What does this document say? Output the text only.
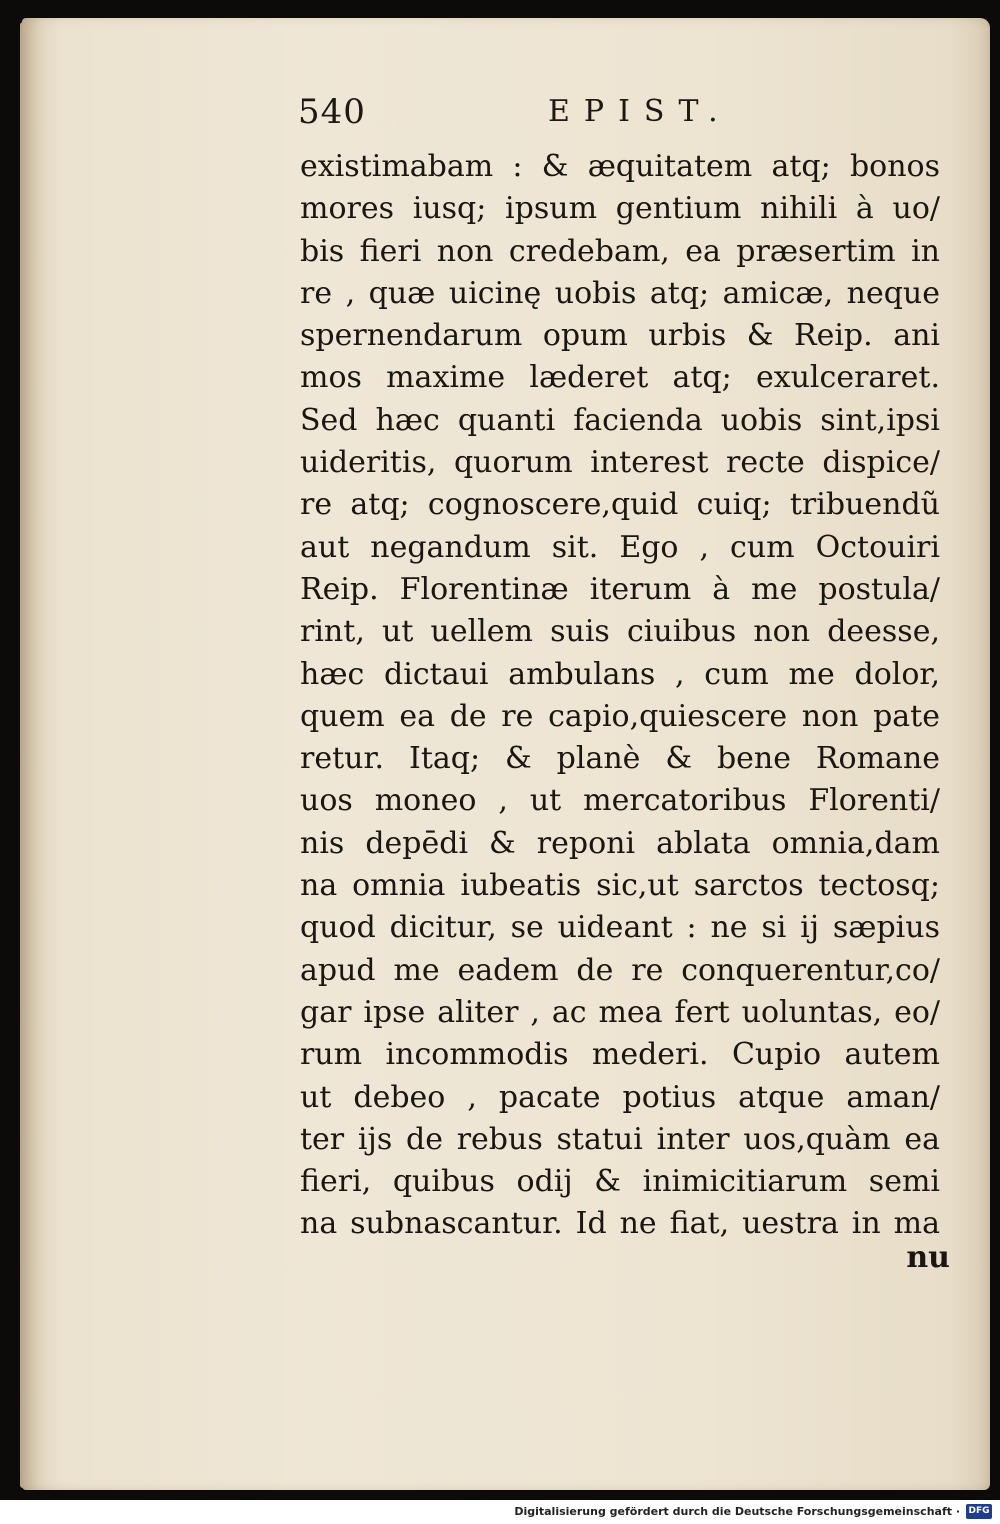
540	EPIST.
existimabam : & æquitatem atq; bonos
mores iusq; ipsum gentium nihili à uo/
bis fieri non credebam, ea præsertim in
re , quæ uicinę uobis atq; amicæ, neque
spernendarum opum urbis & Reip. ani
mos maxime læderet atq; exulceraret.
Sed hæc quanti facienda uobis sint,ipsi
uideritis, quorum interest recte dispice/
re atq; cognoscere,quid cuiq; tribuendũ
aut negandum sit. Ego , cum Octouiri
Reip. Florentinæ iterum à me postula/
rint, ut uellem suis ciuibus non deesse,
hæc dictaui ambulans , cum me dolor,
quem ea de re capio,quiescere non pate
retur. Itaq; & planè & bene Romane
uos moneo , ut mercatoribus Florenti/
nis depēdi & reponi ablata omnia,dam
na omnia iubeatis sic,ut sarctos tectosq;
quod dicitur, se uideant : ne si ij sæpius
apud me eadem de re conquerentur,co/
gar ipse aliter , ac mea fert uoluntas, eo/
rum incommodis mederi. Cupio autem
ut debeo , pacate potius atque aman/
ter ijs de rebus statui inter uos,quàm ea
fieri, quibus odij & inimicitiarum semi
na subnascantur. Id ne fiat, uestra in ma
nu
Digitalisierung gefördert durch die Deutsche Forschungsgemeinschaft · DFG
